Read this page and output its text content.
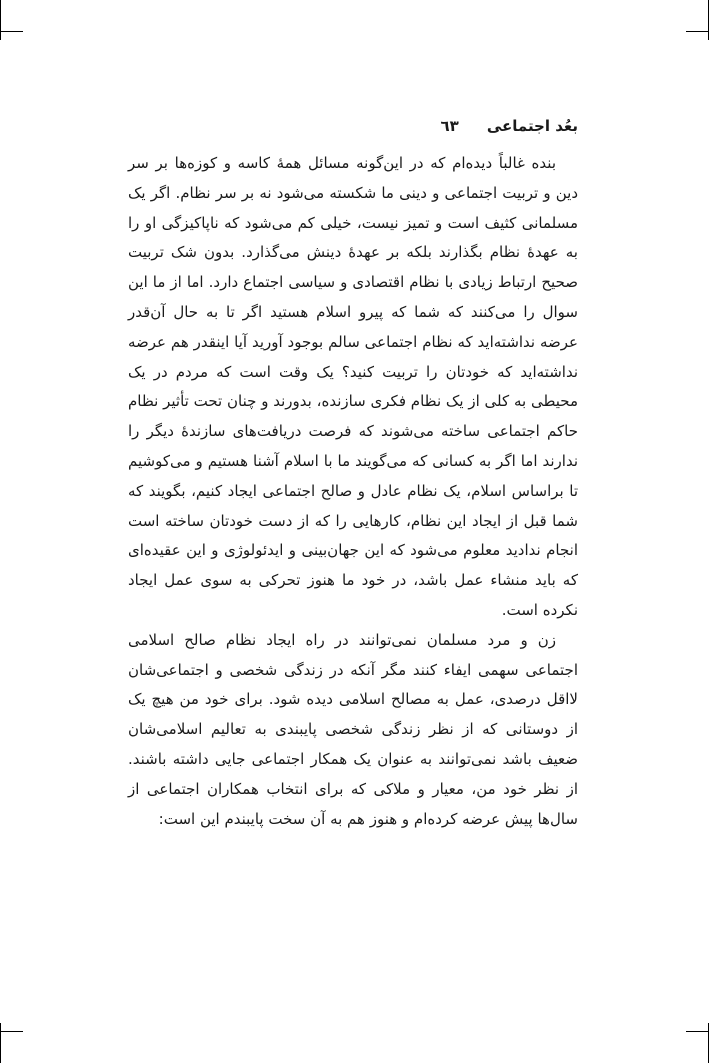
بعُد اجتماعی
٦٣

بنده غالباً دیده‌ام که در این‌گونه مسائل همهٔ کاسه و کوزه‌ها بر سر دین و تربیت اجتماعی و دینی ما شکسته می‌شود نه بر سر نظام. اگر یک مسلمانی کثیف است و تمیز نیست، خیلی کم می‌شود که ناپاکیزگی او را به عهدهٔ نظام بگذارند بلکه بر عهدهٔ دینش می‌گذارد. بدون شک تربیت صحیح ارتباط زیادی با نظام اقتصادی و سیاسی اجتماع دارد. اما از ما این سوال را می‌کنند که شما که پیرو اسلام هستید اگر تا به حال آن‌قدر عرضه نداشته‌اید که نظام اجتماعی سالم بوجود آورید آیا اینقدر هم عرضه نداشته‌اید که خودتان را تربیت کنید؟ یک وقت است که مردم در یک محیطی به کلی از یک نظام فکری سازنده، بدورند و چنان تحت تأثیر نظام حاکم اجتماعی ساخته می‌شوند که فرصت دریافت‌های سازندهٔ دیگر را ندارند اما اگر به کسانی که می‌گویند ما با اسلام آشنا هستیم و می‌کوشیم تا براساس اسلام، یک نظام عادل و صالح اجتماعی ایجاد کنیم، بگویند که شما قبل از ایجاد این نظام، کارهایی را که از دست خودتان ساخته است انجام ندادید معلوم می‌شود که این جهان‌بینی و ایدئولوژی و این عقیده‌ای که باید منشاء عمل باشد، در خود ما هنوز تحرکی به سوی عمل ایجاد نکرده است.

زن و مرد مسلمان نمی‌توانند در راه ایجاد نظام صالح اسلامی اجتماعی سهمی ایفاء کنند مگر آنکه در زندگی شخصی و اجتماعی‌شان لااقل درصدی، عمل به مصالح اسلامی دیده شود. برای خود من هیچ یک از دوستانی که از نظر زندگی شخصی پایبندی به تعالیم اسلامی‌شان ضعیف باشد نمی‌توانند به عنوان یک همکار اجتماعی جایی داشته باشند. از نظر خود من، معیار و ملاکی که برای انتخاب همکاران اجتماعی از سال‌ها پیش عرضه کرده‌ام و هنوز هم به آن سخت پایبندم این است:
